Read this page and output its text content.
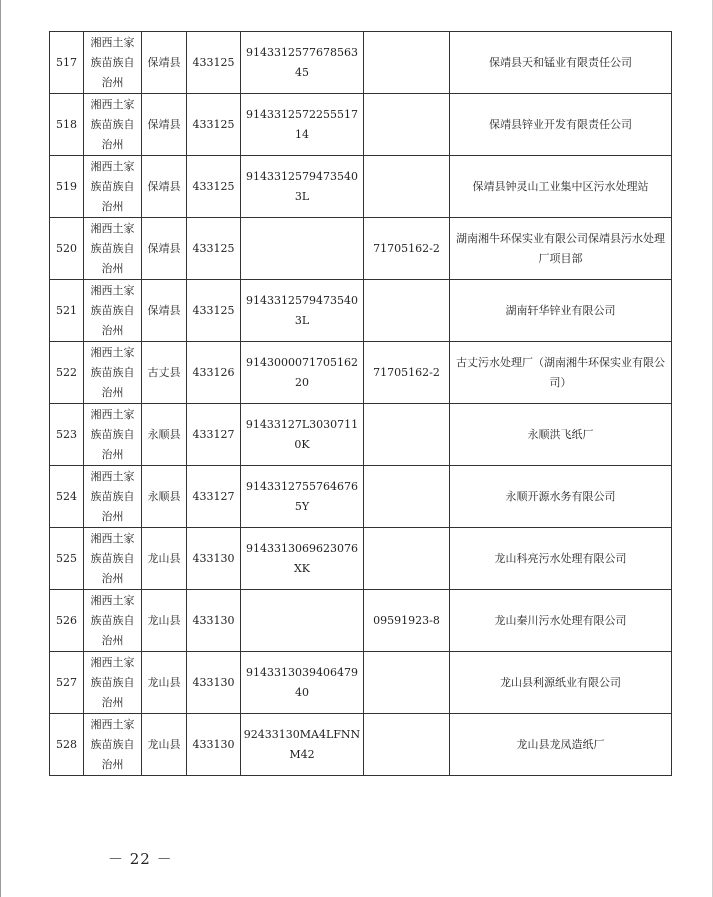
517	湘西土家族苗族自治州	保靖县	433125	914331257767856345		保靖县天和锰业有限责任公司
518	湘西土家族苗族自治州	保靖县	433125	914331257225551714		保靖县锌业开发有限责任公司
519	湘西土家族苗族自治州	保靖县	433125	91433125794735403L		保靖县钟灵山工业集中区污水处理站
520	湘西土家族苗族自治州	保靖县	433125		71705162-2	湖南湘牛环保实业有限公司保靖县污水处理厂项目部
521	湘西土家族苗族自治州	保靖县	433125	91433125794735403L		湖南轩华锌业有限公司
522	湘西土家族苗族自治州	古丈县	433126	914300007170516220	71705162-2	古丈污水处理厂（湖南湘牛环保实业有限公司）
523	湘西土家族苗族自治州	永顺县	433127	91433127L30307110K		永顺洪飞纸厂
524	湘西土家族苗族自治州	永顺县	433127	91433127557646765Y		永顺开源水务有限公司
525	湘西土家族苗族自治州	龙山县	433130	9143313069623076XK		龙山科亮污水处理有限公司
526	湘西土家族苗族自治州	龙山县	433130		09591923-8	龙山秦川污水处理有限公司
527	湘西土家族苗族自治州	龙山县	433130	914331303940647940		龙山县利源纸业有限公司
528	湘西土家族苗族自治州	龙山县	433130	92433130MA4LFNNM42		龙山县龙凤造纸厂
－ 22 －
